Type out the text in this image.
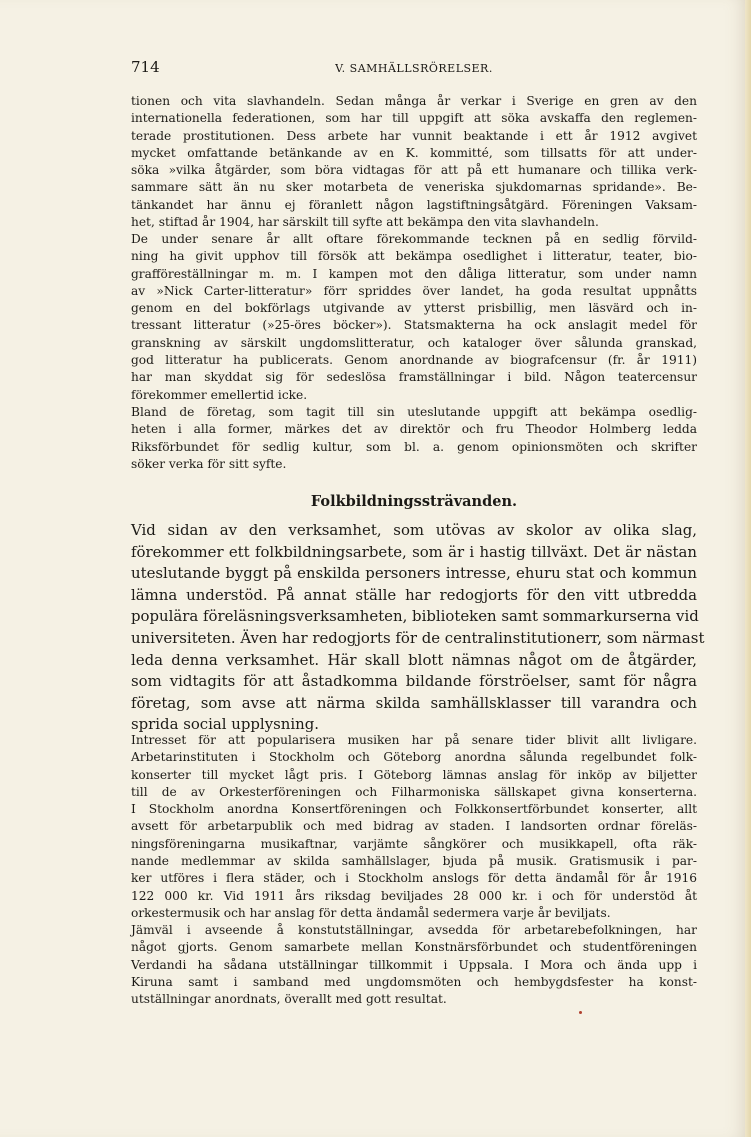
714	V. SAMHÄLLSRÖRELSER.
tionen och vita slavhandeln. Sedan många år verkar i Sverige en gren av den
internationella federationen, som har till uppgift att söka avskaffa den reglemen-
terade prostitutionen. Dess arbete har vunnit beaktande i ett år 1912 avgivet
mycket omfattande betänkande av en K. kommitté, som tillsatts för att under-
söka »vilka åtgärder, som böra vidtagas för att på ett humanare och tillika verk-
sammare sätt än nu sker motarbeta de veneriska sjukdomarnas spridande». Be-
tänkandet har ännu ej föranlett någon lagstiftningsåtgärd. Föreningen Vaksam-
het, stiftad år 1904, har särskilt till syfte att bekämpa den vita slavhandeln.
De under senare år allt oftare förekommande tecknen på en sedlig förvild-
ning ha givit upphov till försök att bekämpa osedlighet i litteratur, teater, bio-
grafföreställningar m. m. I kampen mot den dåliga litteratur, som under namn
av »Nick Carter-litteratur» förr spriddes över landet, ha goda resultat uppnåtts
genom en del bokförlags utgivande av ytterst prisbillig, men läsvärd och in-
tressant litteratur (»25-öres böcker»). Statsmakterna ha ock anslagit medel för
granskning av särskilt ungdomslitteratur, och kataloger över sålunda granskad,
god litteratur ha publicerats. Genom anordnande av biografcensur (fr. år 1911)
har man skyddat sig för sedeslösa framställningar i bild. Någon teatercensur
förekommer emellertid icke.
Bland de företag, som tagit till sin uteslutande uppgift att bekämpa osedlig-
heten i alla former, märkes det av direktör och fru Theodor Holmberg ledda
Riksförbundet för sedlig kultur, som bl. a. genom opinionsmöten och skrifter
söker verka för sitt syfte.
Vid sidan av den verksamhet, som utövas av skolor av olika slag,
förekommer ett folkbildningsarbete, som är i hastig tillväxt. Det är nästan
uteslutande byggt på enskilda personers intresse, ehuru stat och kommun
lämna understöd. På annat ställe har redogjorts för den vitt utbredda
populära föreläsningsverksamheten, biblioteken samt sommarkurserna vid
universiteten. Även har redogjorts för de centralinstitutionerr, som närmast
leda denna verksamhet. Här skall blott nämnas något om de åtgärder,
som vidtagits för att åstadkomma bildande förströelser, samt för några
företag, som avse att närma skilda samhällsklasser till varandra och
sprida social upplysning.
Intresset för att popularisera musiken har på senare tider blivit allt livligare.
Arbetarinstituten i Stockholm och Göteborg anordna sålunda regelbundet folk-
konserter till mycket lågt pris. I Göteborg lämnas anslag för inköp av biljetter
till de av Orkesterföreningen och Filharmoniska sällskapet givna konserterna.
I Stockholm anordna Konsertföreningen och Folkkonsertförbundet konserter, allt
avsett för arbetarpublik och med bidrag av staden. I landsorten ordnar föreläs-
ningsföreningarna musikaftnar, varjämte sångkörer och musikkapell, ofta räk-
nande medlemmar av skilda samhällslager, bjuda på musik. Gratismusik i par-
ker utföres i flera städer, och i Stockholm anslogs för detta ändamål för år 1916
122 000 kr. Vid 1911 års riksdag beviljades 28 000 kr. i och för understöd åt
orkestermusik och har anslag för detta ändamål sedermera varje år beviljats.
Jämväl i avseende å konstutställningar, avsedda för arbetarebefolkningen, har
något gjorts. Genom samarbete mellan Konstnärsförbundet och studentföreningen
Verdandi ha sådana utställningar tillkommit i Uppsala. I Mora och ända upp i
Kiruna samt i samband med ungdomsmöten och hembygdsfester ha konst-
utställningar anordnats, överallt med gott resultat.
Folkbildningssträvanden.
